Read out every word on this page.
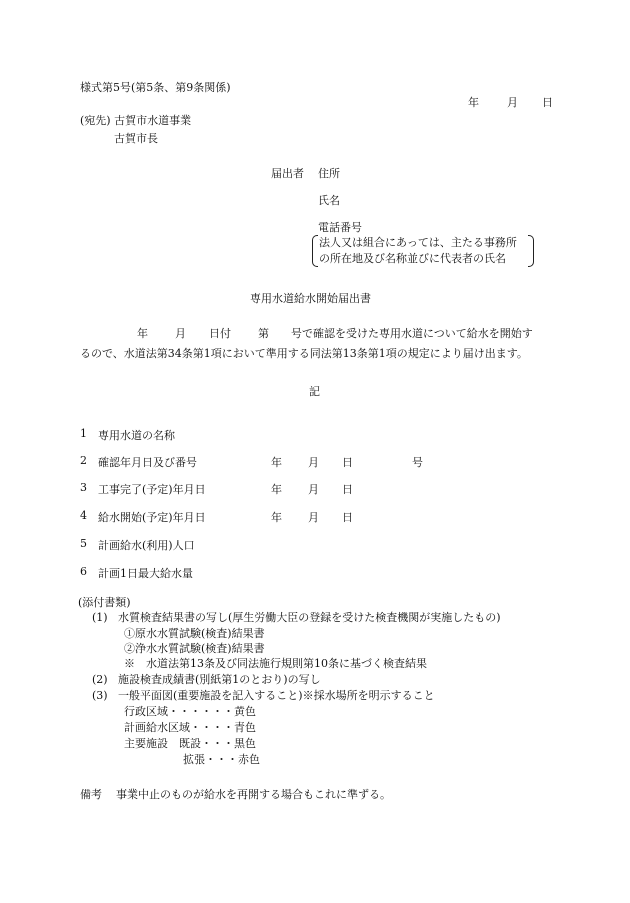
様式第5号(第5条、第9条関係)
年	月 日
(宛先) 古賀市水道事業
古賀市長
届出者 住所
氏名
電話番号
法人又は組合にあっては、主たる事務所
の所在地及び名称並びに代表者の氏名
専用水道給水開始届出書
年 月 日付 第 号で確認を受けた専用水道について給水を開始す
るので、水道法第34条第1項において準用する同法第13条第1項の規定により届け出ます。
記
1 専用水道の名称
2 確認年月日及び番号	年 月 日	号
3 工事完了(予定)年月日	年 月 日
4 給水開始(予定)年月日	年 月 日
5 計画給水(利用)人口
6 計画1日最大給水量
(添付書類)
(1) 水質検査結果書の写し(厚生労働大臣の登録を受けた検査機関が実施したもの)
①原水水質試験(検査)結果書
②浄水水質試験(検査)結果書
※　水道法第13条及び同法施行規則第10条に基づく検査結果
(2) 施設検査成績書(別紙第1のとおり)の写し
(3) 一般平面図(重要施設を記入すること)※採水場所を明示すること
行政区域・・・・・・黄色
計画給水区域・・・・青色
主要施設　既設・・・黒色
拡張・・・赤色
備考 事業中止のものが給水を再開する場合もこれに準ずる。
